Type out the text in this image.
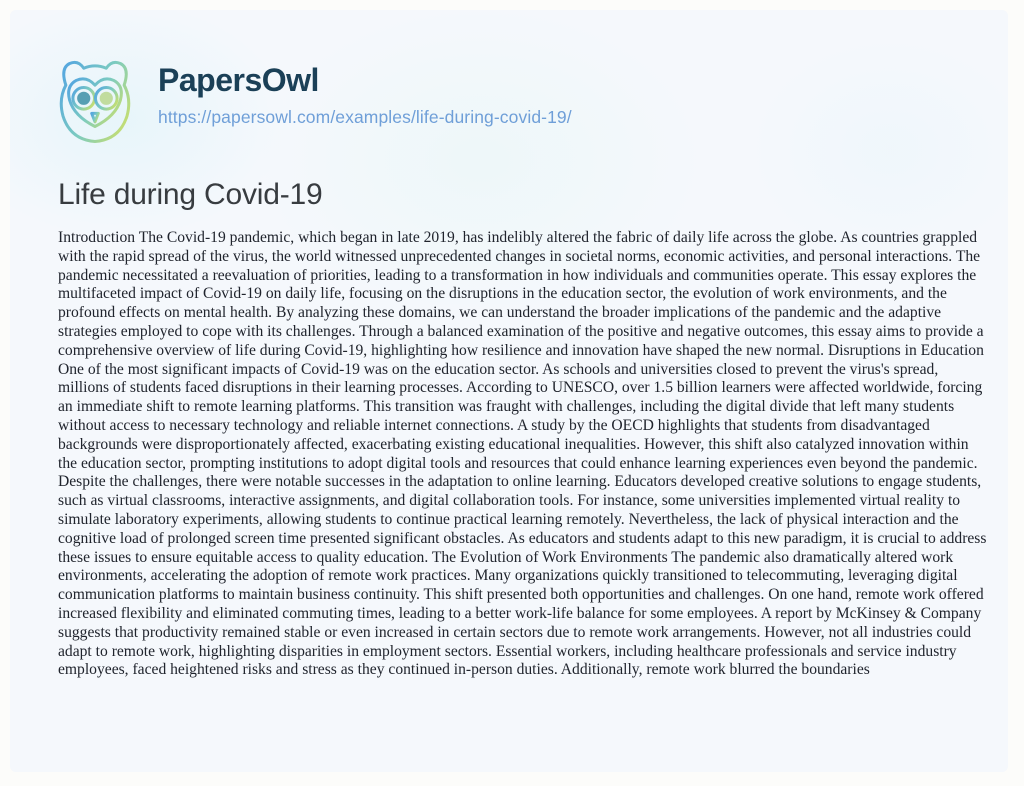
PapersOwl
https://papersowl.com/examples/life-during-covid-19/
Life during Covid-19

Introduction The Covid-19 pandemic, which began in late 2019, has indelibly altered the fabric of daily life across the globe. As countries grappled with the rapid spread of the virus, the world witnessed unprecedented changes in societal norms, economic activities, and personal interactions. The pandemic necessitated a reevaluation of priorities, leading to a transformation in how individuals and communities operate. This essay explores the multifaceted impact of Covid-19 on daily life, focusing on the disruptions in the education sector, the evolution of work environments, and the profound effects on mental health. By analyzing these domains, we can understand the broader implications of the pandemic and the adaptive strategies employed to cope with its challenges. Through a balanced examination of the positive and negative outcomes, this essay aims to provide a comprehensive overview of life during Covid-19, highlighting how resilience and innovation have shaped the new normal. Disruptions in Education One of the most significant impacts of Covid-19 was on the education sector. As schools and universities closed to prevent the virus's spread, millions of students faced disruptions in their learning processes. According to UNESCO, over 1.5 billion learners were affected worldwide, forcing an immediate shift to remote learning platforms. This transition was fraught with challenges, including the digital divide that left many students without access to necessary technology and reliable internet connections. A study by the OECD highlights that students from disadvantaged backgrounds were disproportionately affected, exacerbating existing educational inequalities. However, this shift also catalyzed innovation within the education sector, prompting institutions to adopt digital tools and resources that could enhance learning experiences even beyond the pandemic. Despite the challenges, there were notable successes in the adaptation to online learning. Educators developed creative solutions to engage students, such as virtual classrooms, interactive assignments, and digital collaboration tools. For instance, some universities implemented virtual reality to simulate laboratory experiments, allowing students to continue practical learning remotely. Nevertheless, the lack of physical interaction and the cognitive load of prolonged screen time presented significant obstacles. As educators and students adapt to this new paradigm, it is crucial to address these issues to ensure equitable access to quality education. The Evolution of Work Environments The pandemic also dramatically altered work environments, accelerating the adoption of remote work practices. Many organizations quickly transitioned to telecommuting, leveraging digital communication platforms to maintain business continuity. This shift presented both opportunities and challenges. On one hand, remote work offered increased flexibility and eliminated commuting times, leading to a better work-life balance for some employees. A report by McKinsey & Company suggests that productivity remained stable or even increased in certain sectors due to remote work arrangements. However, not all industries could adapt to remote work, highlighting disparities in employment sectors. Essential workers, including healthcare professionals and service industry employees, faced heightened risks and stress as they continued in-person duties. Additionally, remote work blurred the boundaries
